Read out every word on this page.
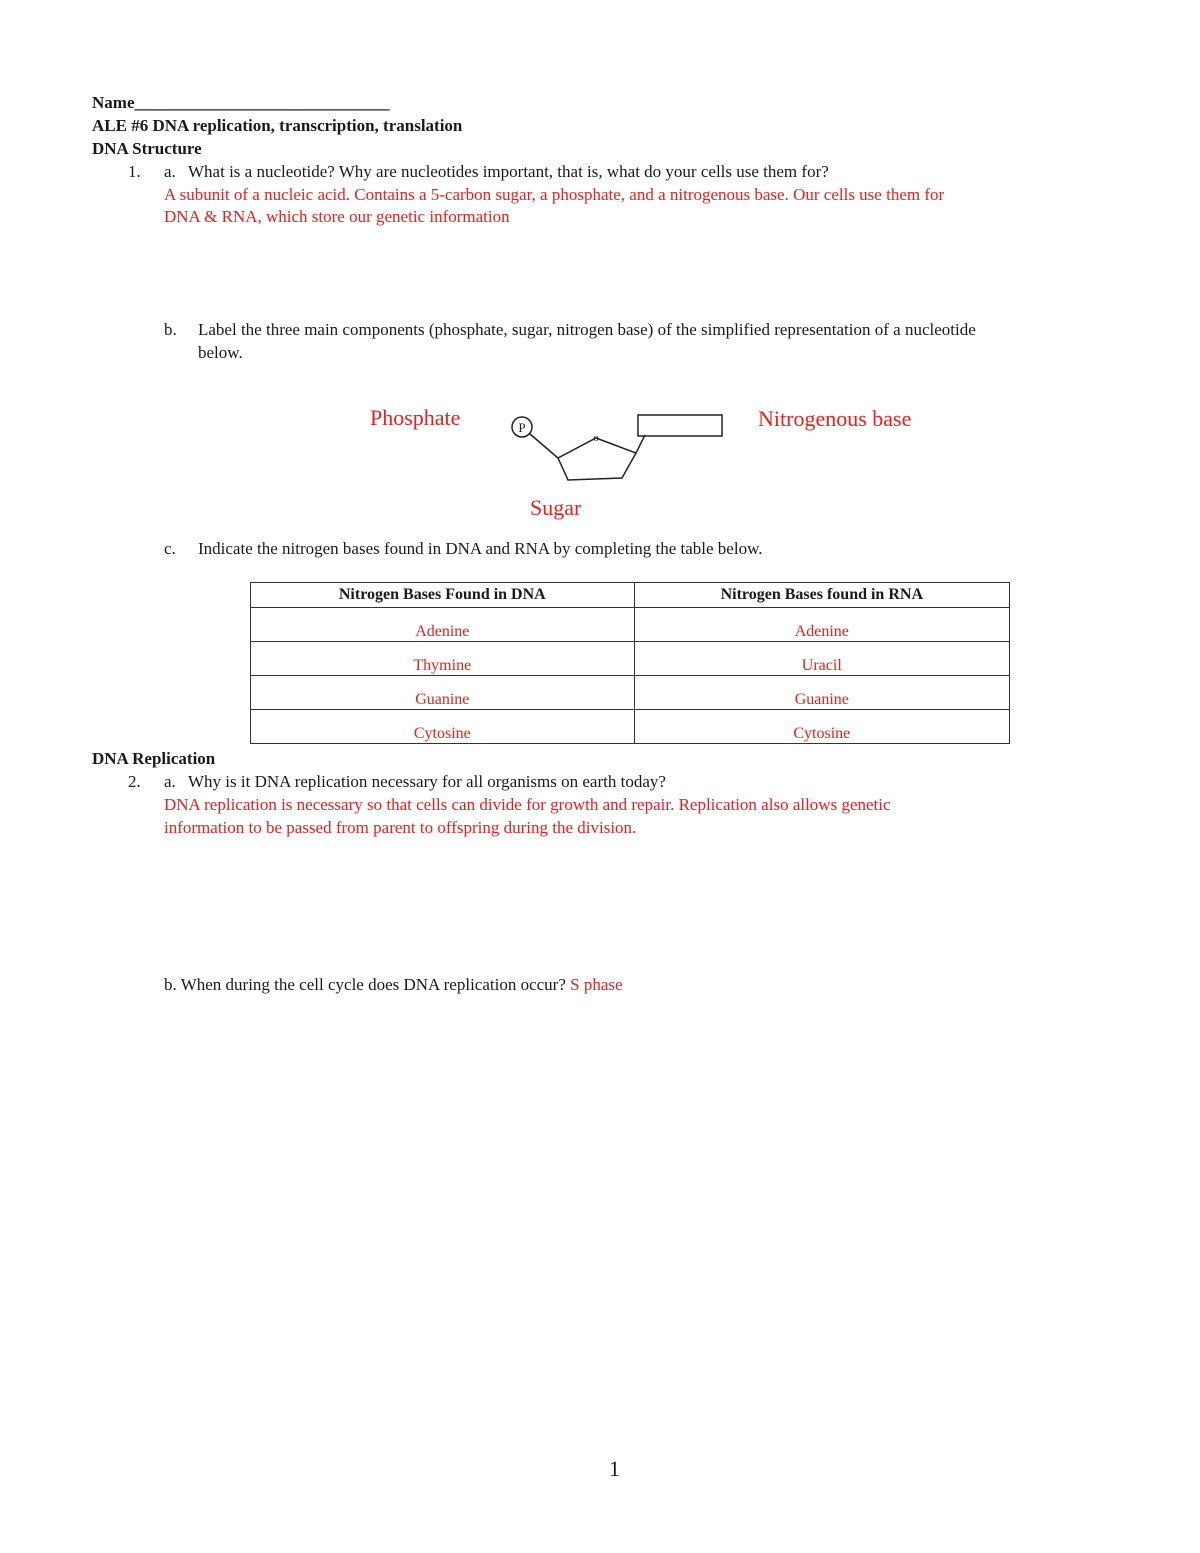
Name______________________________
ALE #6 DNA replication, transcription, translation
DNA Structure
1. a. What is a nucleotide? Why are nucleotides important, that is, what do your cells use them for?
A subunit of a nucleic acid. Contains a 5-carbon sugar, a phosphate, and a nitrogenous base. Our cells use them for
DNA & RNA, which store our genetic information
b. Label the three main components (phosphate, sugar, nitrogen base) of the simplified representation of a nucleotide
below.
Phosphate	Nitrogenous base
Sugar
P
o
c. Indicate the nitrogen bases found in DNA and RNA by completing the table below.
Nitrogen Bases Found in DNA	Nitrogen Bases found in RNA
Adenine	Adenine
Thymine	Uracil
Guanine	Guanine
Cytosine	Cytosine
DNA Replication
2. a. Why is it DNA replication necessary for all organisms on earth today?
DNA replication is necessary so that cells can divide for growth and repair. Replication also allows genetic
information to be passed from parent to offspring during the division.
b. When during the cell cycle does DNA replication occur? S phase
1
